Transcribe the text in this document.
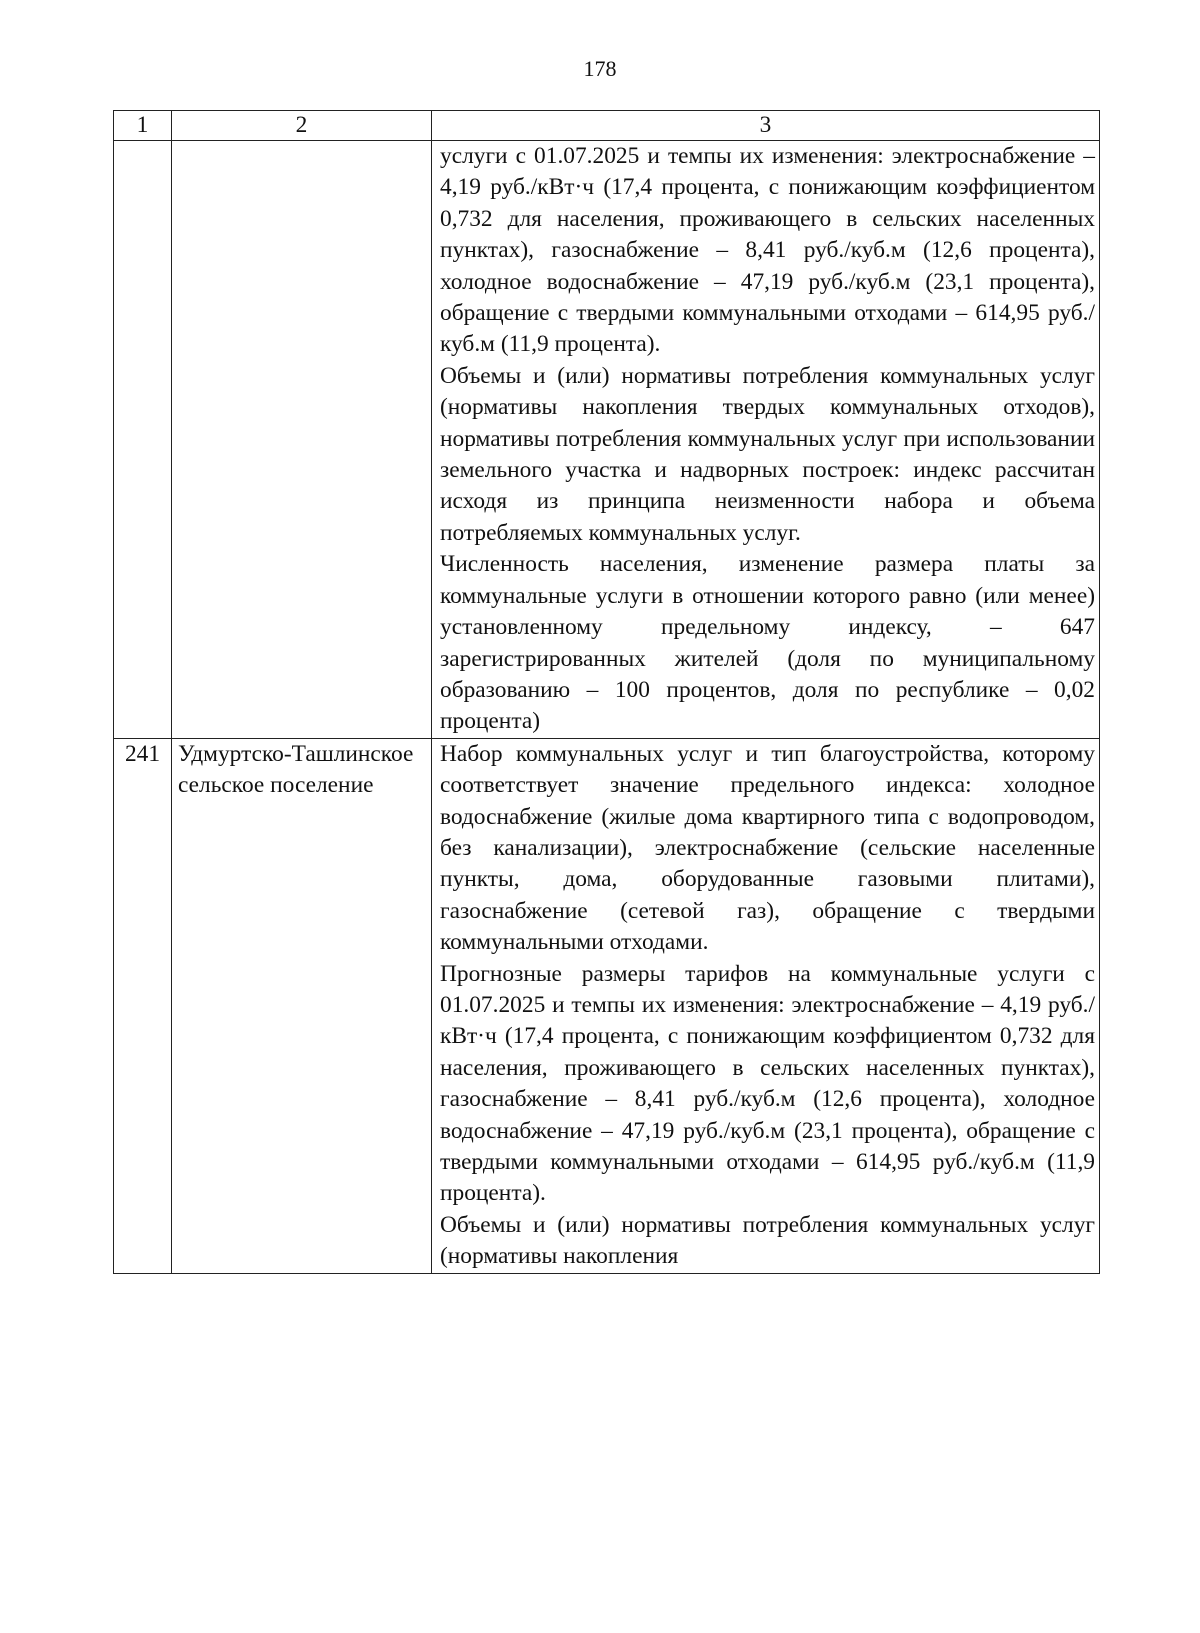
178
1	2	3

		услуги с 01.07.2025 и темпы их изменения: электроснабжение – 4,19 руб./кВт·ч (17,4 процента, с понижающим коэффициентом 0,732 для населения, проживающего в сельских населенных пунктах), газоснабжение – 8,41 руб./куб.м (12,6 процента), холодное водоснабжение – 47,19 руб./куб.м (23,1 процента), обращение с твердыми коммунальными отходами – 614,95 руб./куб.м (11,9 процента).

Объемы и (или) нормативы потребления коммунальных услуг (нормативы накопления твердых коммунальных отходов), нормативы потребления коммунальных услуг при использовании земельного участка и надворных построек: индекс рассчитан исходя из принципа неизменности набора и объема потребляемых коммунальных услуг.

Численность населения, изменение размера платы за коммунальные услуги в отношении которого равно (или менее) установленному предельному индексу, – 647 зарегистрированных жителей (доля по муниципальному образованию – 100 процентов, доля по республике – 0,02 процента)

241	Удмуртско-Ташлинское сельское поселение	Набор коммунальных услуг и тип благоустройства, которому соответствует значение предельного индекса: холодное водоснабжение (жилые дома квартирного типа с водопроводом, без канализации), электроснабжение (сельские населенные пункты, дома, оборудованные газовыми плитами), газоснабжение (сетевой газ), обращение с твердыми коммунальными отходами.

Прогнозные размеры тарифов на коммунальные услуги с 01.07.2025 и темпы их изменения: электроснабжение – 4,19 руб./кВт·ч (17,4 процента, с понижающим коэффициентом 0,732 для населения, проживающего в сельских населенных пунктах), газоснабжение – 8,41 руб./куб.м (12,6 процента), холодное водоснабжение – 47,19 руб./куб.м (23,1 процента), обращение с твердыми коммунальными отходами – 614,95 руб./куб.м (11,9 процента).

Объемы и (или) нормативы потребления коммунальных услуг (нормативы накопления
